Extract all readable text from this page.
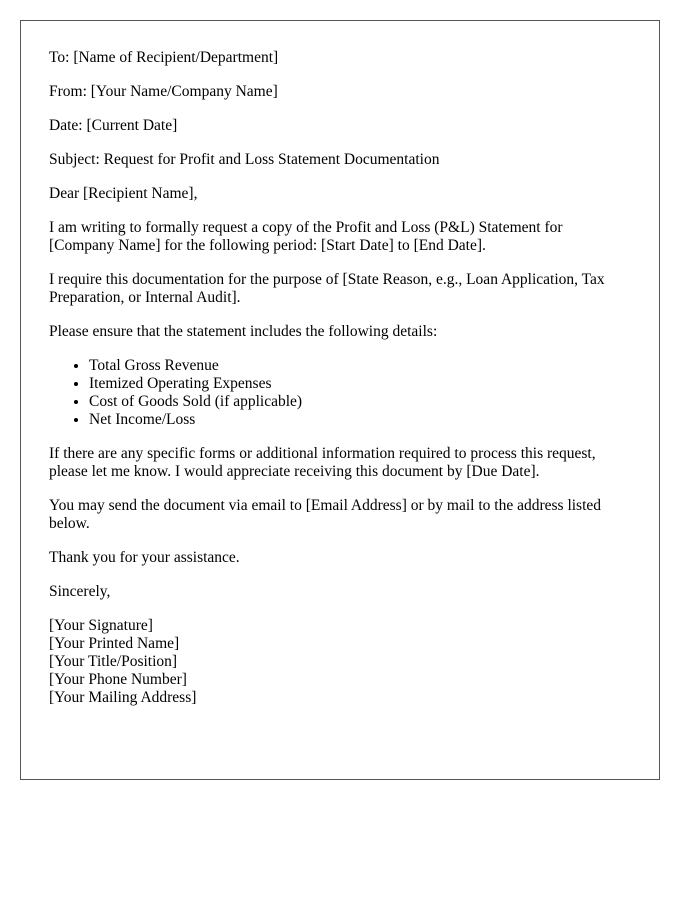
To: [Name of Recipient/Department]

From: [Your Name/Company Name]

Date: [Current Date]

Subject: Request for Profit and Loss Statement Documentation

Dear [Recipient Name],

I am writing to formally request a copy of the Profit and Loss (P&L) Statement for [Company Name] for the following period: [Start Date] to [End Date].

I require this documentation for the purpose of [State Reason, e.g., Loan Application, Tax Preparation, or Internal Audit].

Please ensure that the statement includes the following details:

• Total Gross Revenue
• Itemized Operating Expenses
• Cost of Goods Sold (if applicable)
• Net Income/Loss

If there are any specific forms or additional information required to process this request, please let me know. I would appreciate receiving this document by [Due Date].

You may send the document via email to [Email Address] or by mail to the address listed below.

Thank you for your assistance.

Sincerely,

[Your Signature]
[Your Printed Name]
[Your Title/Position]
[Your Phone Number]
[Your Mailing Address]
